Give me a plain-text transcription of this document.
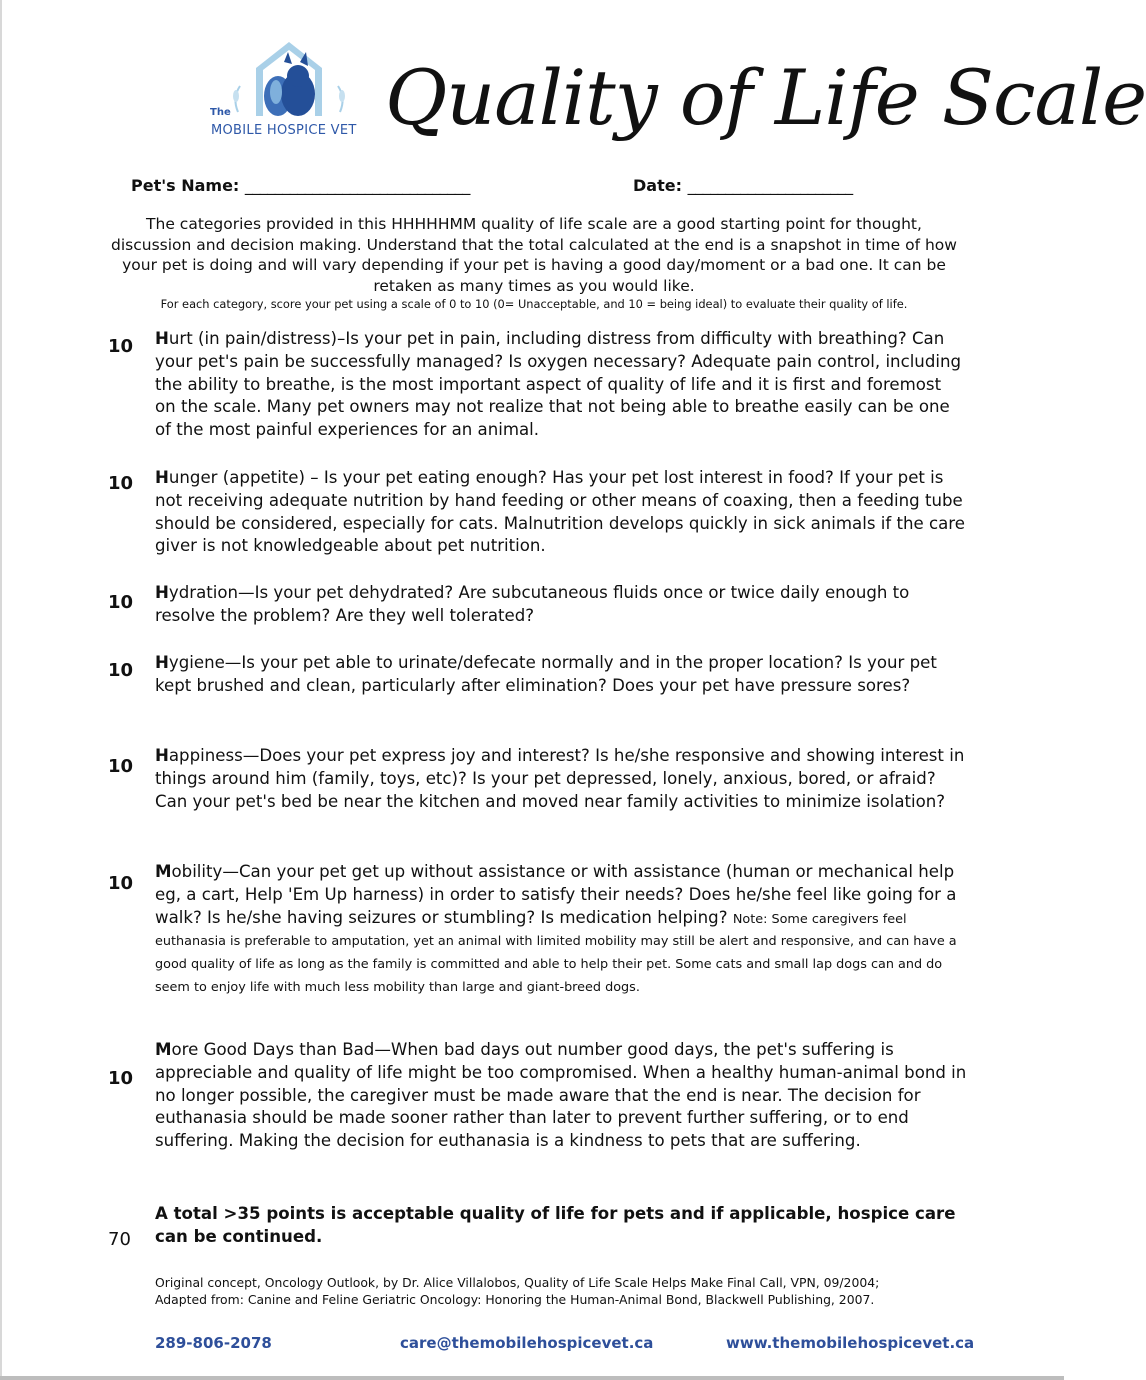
The
MOBILE HOSPICE VET Quality of Life Scale
Pet's Name: ______________________________	Date: ______________________
The categories provided in this HHHHHMM quality of life scale are a good starting point for thought, discussion and decision making. Understand that the total calculated at the end is a snapshot in time of how your pet is doing and will vary depending if your pet is having a good day/moment or a bad one. It can be retaken as many times as you would like.
For each category, score your pet using a scale of 0 to 10 (0= Unacceptable, and 10 = being ideal) to evaluate their quality of life.
10 Hurt (in pain/distress)–Is your pet in pain, including distress from difficulty with breathing? Can your pet's pain be successfully managed? Is oxygen necessary? Adequate pain control, including the ability to breathe, is the most important aspect of quality of life and it is first and foremost on the scale. Many pet owners may not realize that not being able to breathe easily can be one of the most painful experiences for an animal.
10 Hunger (appetite) – Is your pet eating enough? Has your pet lost interest in food? If your pet is not receiving adequate nutrition by hand feeding or other means of coaxing, then a feeding tube should be considered, especially for cats. Malnutrition develops quickly in sick animals if the care giver is not knowledgeable about pet nutrition.
10 Hydration—Is your pet dehydrated? Are subcutaneous fluids once or twice daily enough to resolve the problem? Are they well tolerated?
10 Hygiene—Is your pet able to urinate/defecate normally and in the proper location? Is your pet kept brushed and clean, particularly after elimination? Does your pet have pressure sores?
10
Happiness—Does your pet express joy and interest? Is he/she responsive and showing interest in things around him (family, toys, etc)? Is your pet depressed, lonely, anxious, bored, or afraid? Can your pet's bed be near the kitchen and moved near family activities to minimize isolation?
10
Mobility—Can your pet get up without assistance or with assistance (human or mechanical help eg, a cart, Help 'Em Up harness) in order to satisfy their needs? Does he/she feel like going for a walk? Is he/she having seizures or stumbling? Is medication helping? Note: Some caregivers feel euthanasia is preferable to amputation, yet an animal with limited mobility may still be alert and responsive, and can have a good quality of life as long as the family is committed and able to help their pet. Some cats and small lap dogs can and do seem to enjoy life with much less mobility than large and giant-breed dogs.
10
More Good Days than Bad—When bad days out number good days, the pet's suffering is appreciable and quality of life might be too compromised. When a healthy human-animal bond in no longer possible, the caregiver must be made aware that the end is near. The decision for euthanasia should be made sooner rather than later to prevent further suffering, or to end suffering. Making the decision for euthanasia is a kindness to pets that are suffering.
70
A total >35 points is acceptable quality of life for pets and if applicable, hospice care can be continued.
Original concept, Oncology Outlook, by Dr. Alice Villalobos, Quality of Life Scale Helps Make Final Call, VPN, 09/2004;
Adapted from: Canine and Feline Geriatric Oncology: Honoring the Human-Animal Bond, Blackwell Publishing, 2007.
289-806-2078	care@themobilehospicevet.ca	www.themobilehospicevet.ca
